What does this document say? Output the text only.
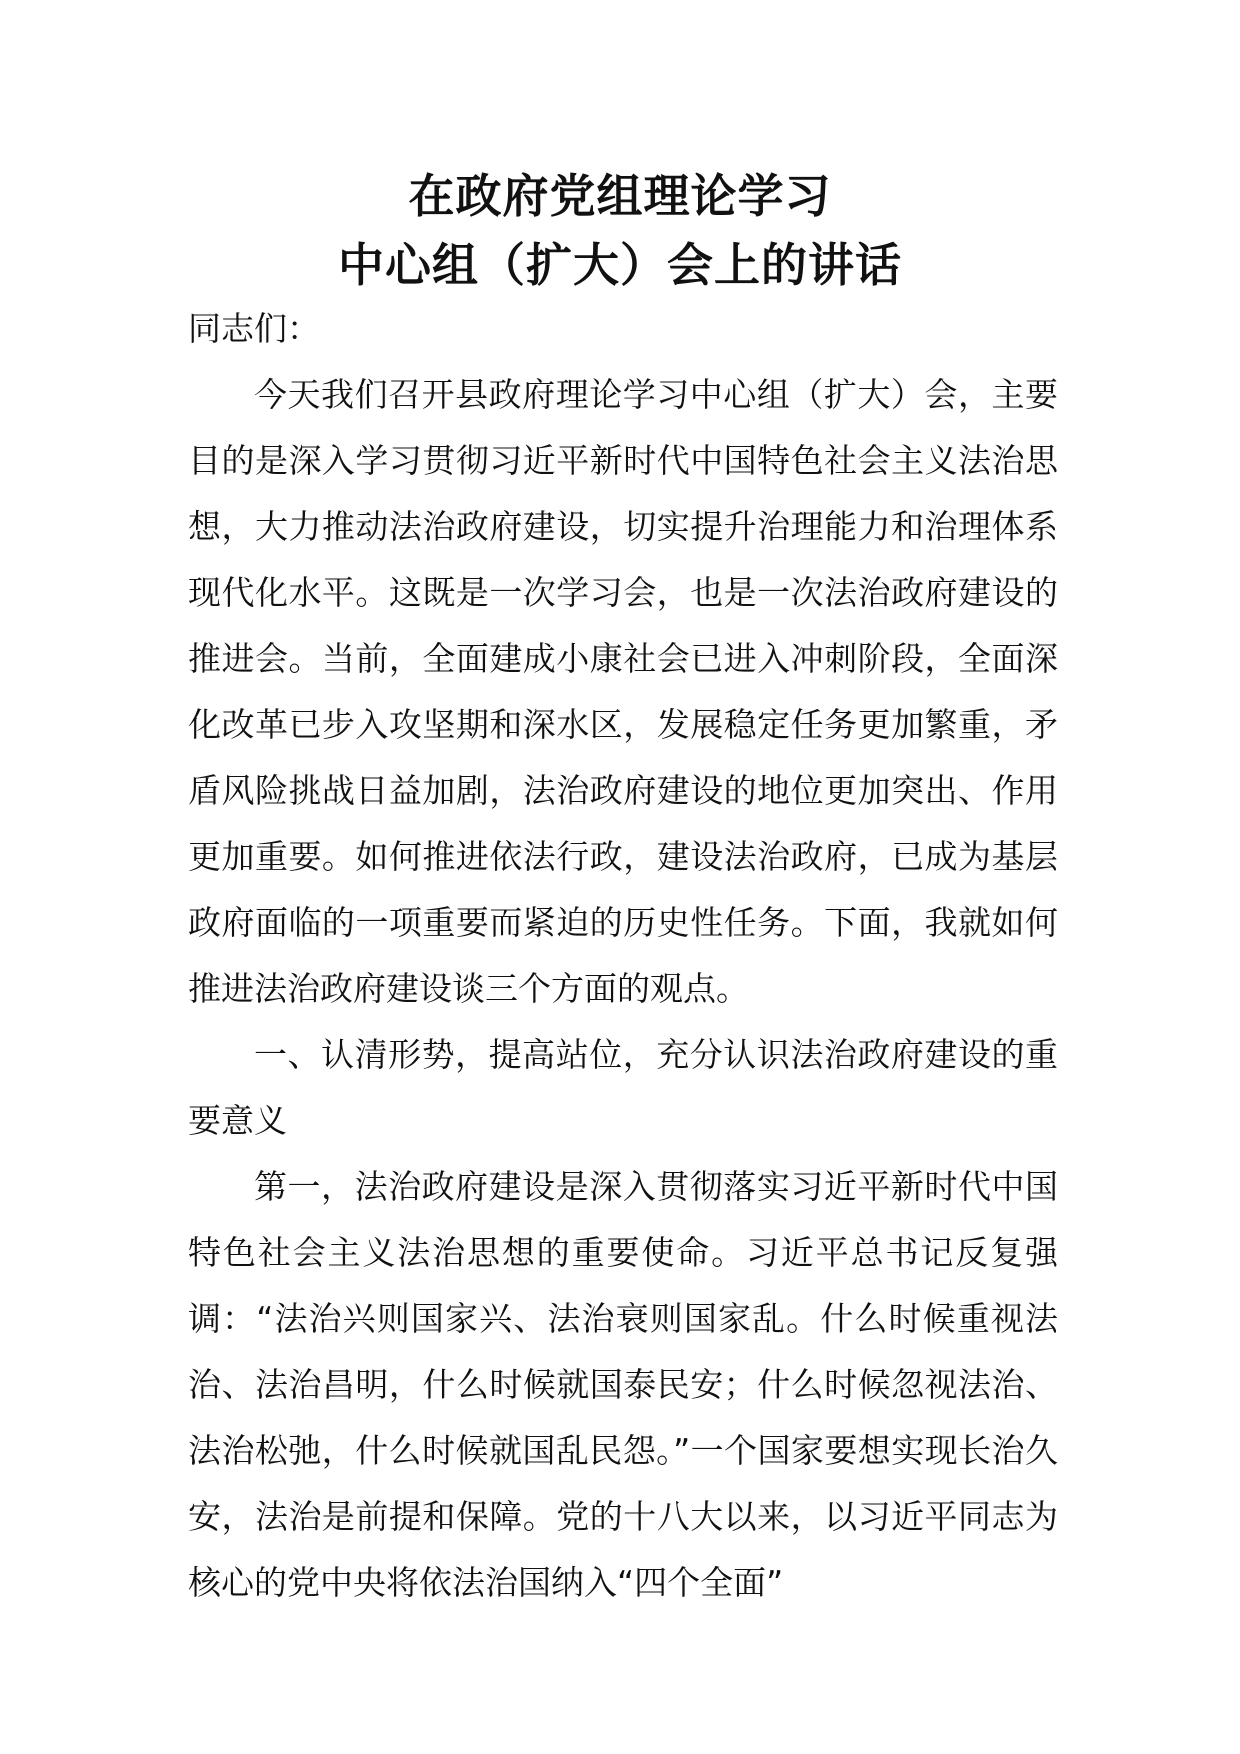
在政府党组理论学习
中心组（扩大）会上的讲话

同志们：

今天我们召开县政府理论学习中心组（扩大）会，主要目的是深入学习贯彻习近平新时代中国特色社会主义法治思想，大力推动法治政府建设，切实提升治理能力和治理体系现代化水平。这既是一次学习会，也是一次法治政府建设的推进会。当前，全面建成小康社会已进入冲刺阶段，全面深化改革已步入攻坚期和深水区，发展稳定任务更加繁重，矛盾风险挑战日益加剧，法治政府建设的地位更加突出、作用更加重要。如何推进依法行政，建设法治政府，已成为基层政府面临的一项重要而紧迫的历史性任务。下面，我就如何推进法治政府建设谈三个方面的观点。

一、认清形势，提高站位，充分认识法治政府建设的重要意义

第一，法治政府建设是深入贯彻落实习近平新时代中国特色社会主义法治思想的重要使命。习近平总书记反复强调：“法治兴则国家兴、法治衰则国家乱。什么时候重视法治、法治昌明，什么时候就国泰民安；什么时候忽视法治、法治松弛，什么时候就国乱民怨。”一个国家要想实现长治久安，法治是前提和保障。党的十八大以来，以习近平同志为核心的党中央将依法治国纳入“四个全面”
